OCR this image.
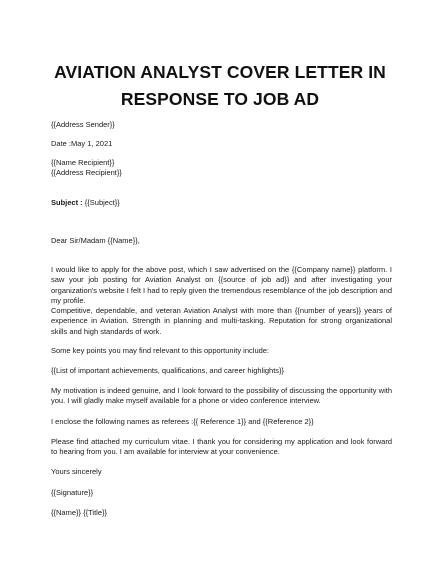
AVIATION ANALYST COVER LETTER IN
RESPONSE TO JOB AD
{{Address Sender}}
Date :May 1, 2021
{{Name Recipient}}
{{Address Recipient}}
Subject : {{Subject}}
Dear Sir/Madam {{Name}},
I would like to apply for the above post, which I saw advertised on the {{Company name}} platform. I saw your job posting for Aviation Analyst on {{source of job ad}} and after investigating your organization's website I felt I had to reply given the tremendous resemblance of the job description and my profile.
Competitive, dependable, and veteran Aviation Analyst with more than {{number of years}} years of experience in Aviation. Strength in planning and multi-tasking. Reputation for strong organizational skills and high standards of work.
Some key points you may find relevant to this opportunity include:
{{List of important achievements, qualifications, and career highlights}}
My motivation is indeed genuine, and I look forward to the possibility of discussing the opportunity with you. I will gladly make myself available for a phone or video conference interview.
I enclose the following names as referees :{{ Reference 1}} and {{Reference 2}}
Please find attached my curriculum vitae. I thank you for considering my application and look forward to hearing from you. I am available for interview at your convenience.
Yours sincerely
{{Signature}}
{{Name}} {{Title}}
